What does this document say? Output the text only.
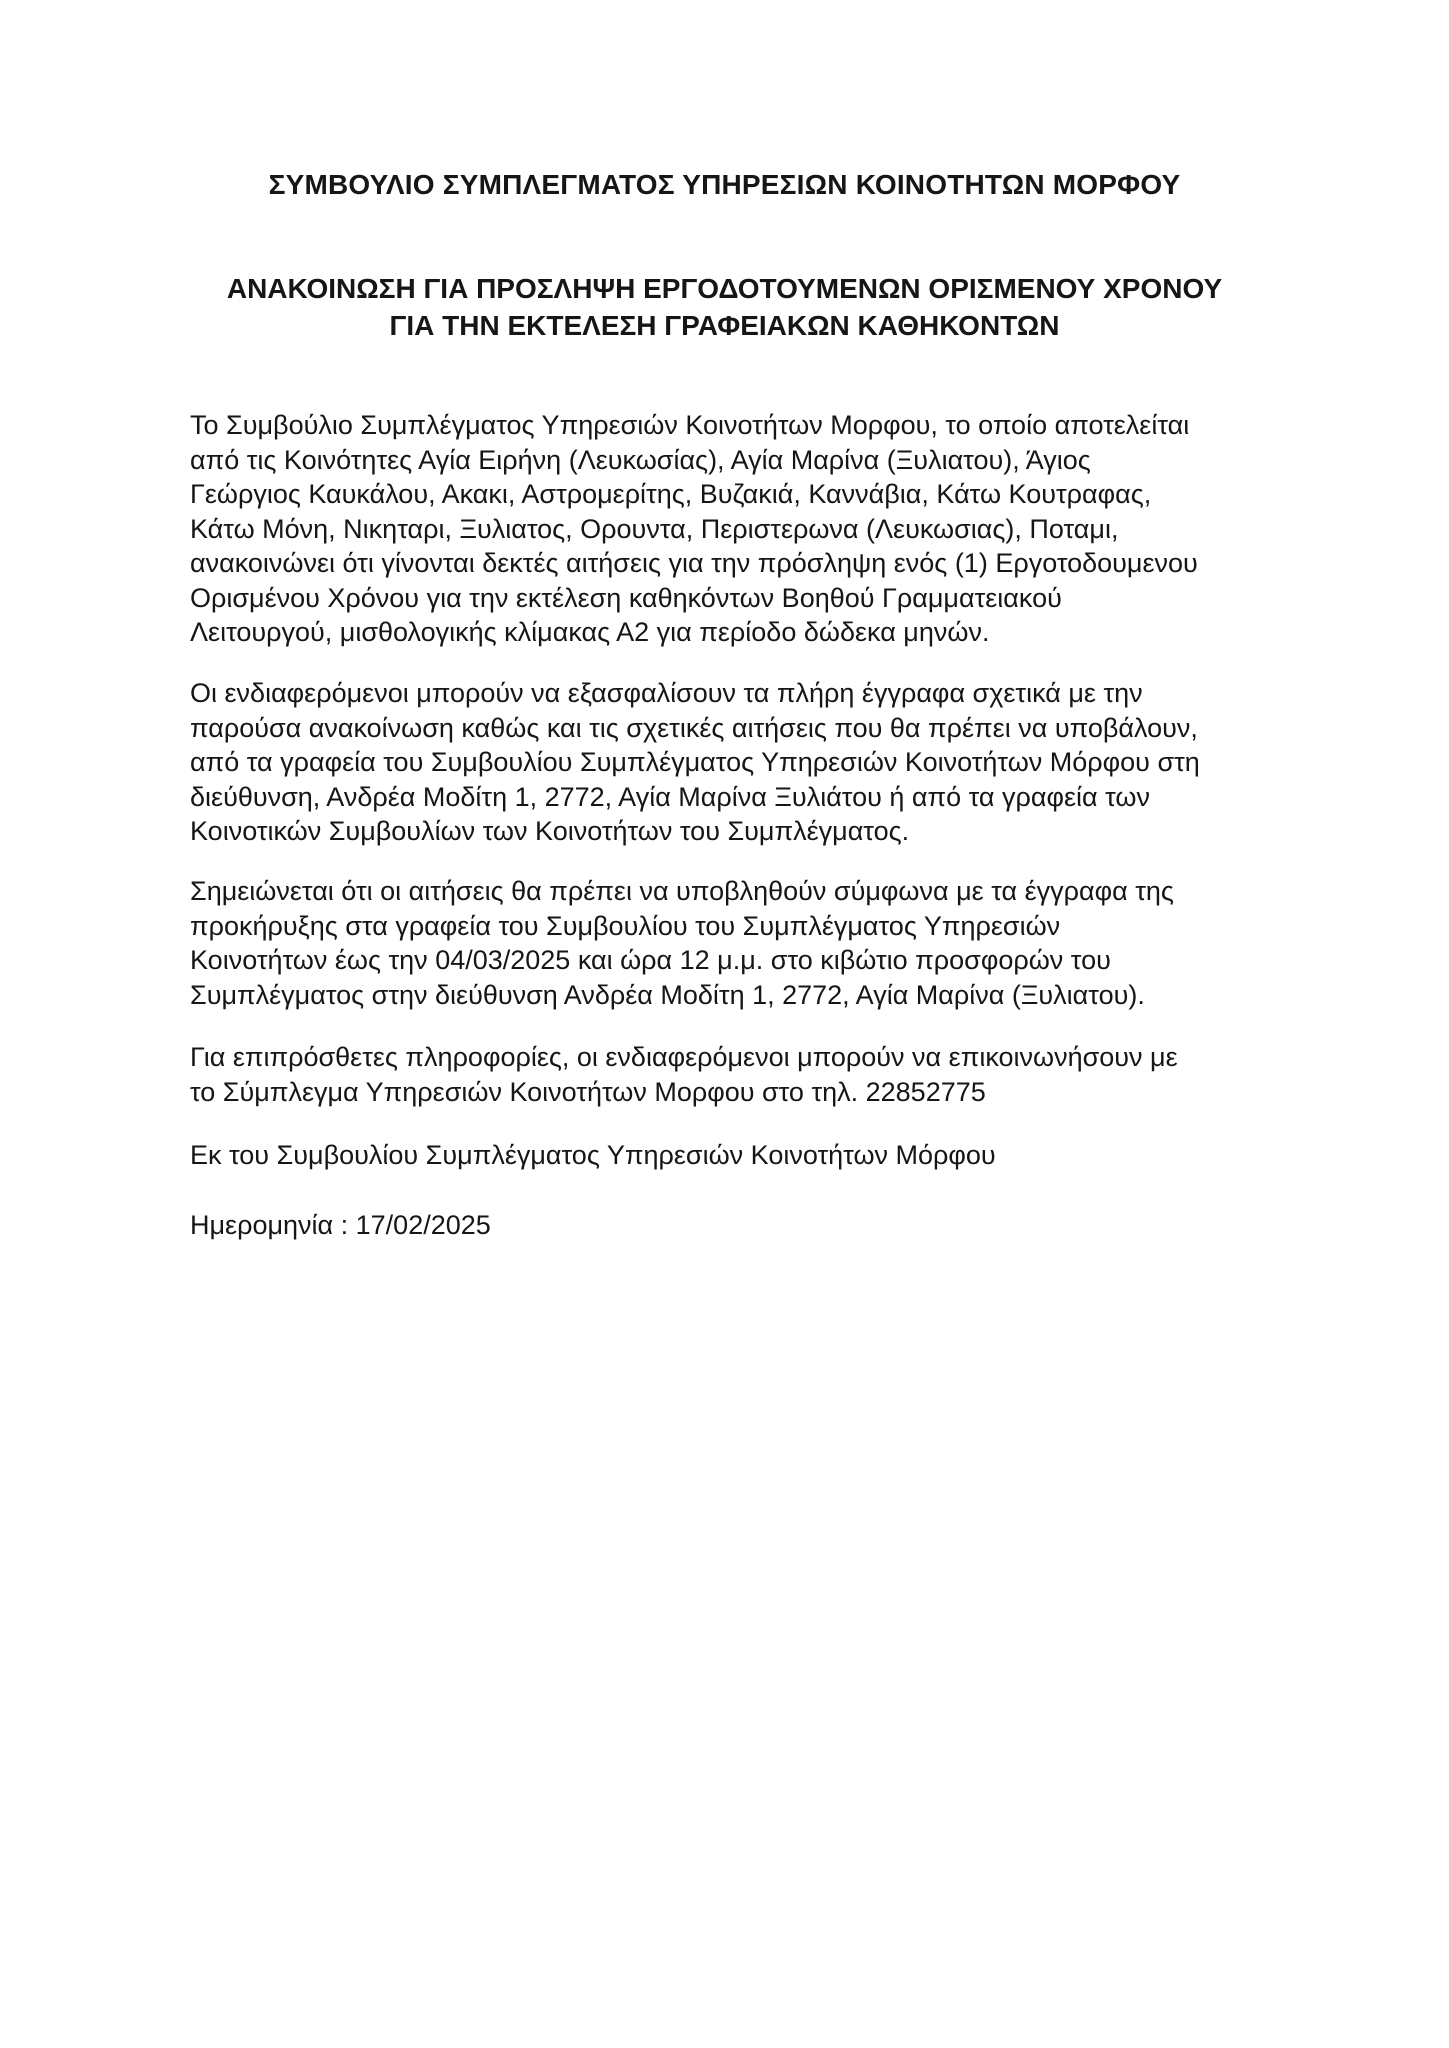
ΣΥΜΒΟΥΛΙΟ ΣΥΜΠΛΕΓΜΑΤΟΣ ΥΠΗΡΕΣΙΩΝ ΚΟΙΝΟΤΗΤΩΝ ΜΟΡΦΟΥ
ΑΝΑΚΟΙΝΩΣΗ ΓΙΑ ΠΡΟΣΛΗΨΗ ΕΡΓΟΔΟΤΟΥΜΕΝΩΝ ΟΡΙΣΜΕΝΟΥ ΧΡΟΝΟΥ
ΓΙΑ ΤΗΝ ΕΚΤΕΛΕΣΗ ΓΡΑΦΕΙΑΚΩΝ ΚΑΘΗΚΟΝΤΩΝ
Το Συμβούλιο Συμπλέγματος Υπηρεσιών Κοινοτήτων Μορφου, το οποίο αποτελείται
από τις Κοινότητες Αγία Ειρήνη (Λευκωσίας), Αγία Μαρίνα (Ξυλιατου), Άγιος
Γεώργιος Καυκάλου, Ακακι, Αστρομερίτης, Βυζακιά, Καννάβια, Κάτω Κουτραφας,
Κάτω Μόνη, Νικηταρι, Ξυλιατος, Ορουντα, Περιστερωνα (Λευκωσιας), Ποταμι,
ανακοινώνει ότι γίνονται δεκτές αιτήσεις για την πρόσληψη ενός (1) Εργοτοδουμενου
Ορισμένου Χρόνου για την εκτέλεση καθηκόντων Βοηθού Γραμματειακού
Λειτουργού, μισθολογικής κλίμακας Α2 για περίοδο δώδεκα μηνών.
Οι ενδιαφερόμενοι μπορούν να εξασφαλίσουν τα πλήρη έγγραφα σχετικά με την
παρούσα ανακοίνωση καθώς και τις σχετικές αιτήσεις που θα πρέπει να υποβάλουν,
από τα γραφεία του Συμβουλίου Συμπλέγματος Υπηρεσιών Κοινοτήτων Μόρφου στη
διεύθυνση, Ανδρέα Μοδίτη 1, 2772, Αγία Μαρίνα Ξυλιάτου ή από τα γραφεία των
Κοινοτικών Συμβουλίων των Κοινοτήτων του Συμπλέγματος.
Σημειώνεται ότι οι αιτήσεις θα πρέπει να υποβληθούν σύμφωνα με τα έγγραφα της
προκήρυξης στα γραφεία του Συμβουλίου του Συμπλέγματος Υπηρεσιών
Κοινοτήτων έως την 04/03/2025 και ώρα 12 μ.μ. στο κιβώτιο προσφορών του
Συμπλέγματος στην διεύθυνση Ανδρέα Μοδίτη 1, 2772, Αγία Μαρίνα (Ξυλιατου).
Για επιπρόσθετες πληροφορίες, οι ενδιαφερόμενοι μπορούν να επικοινωνήσουν με
το Σύμπλεγμα Υπηρεσιών Κοινοτήτων Μορφου στο τηλ. 22852775
Εκ του Συμβουλίου Συμπλέγματος Υπηρεσιών Κοινοτήτων Μόρφου
Ημερομηνία : 17/02/2025
